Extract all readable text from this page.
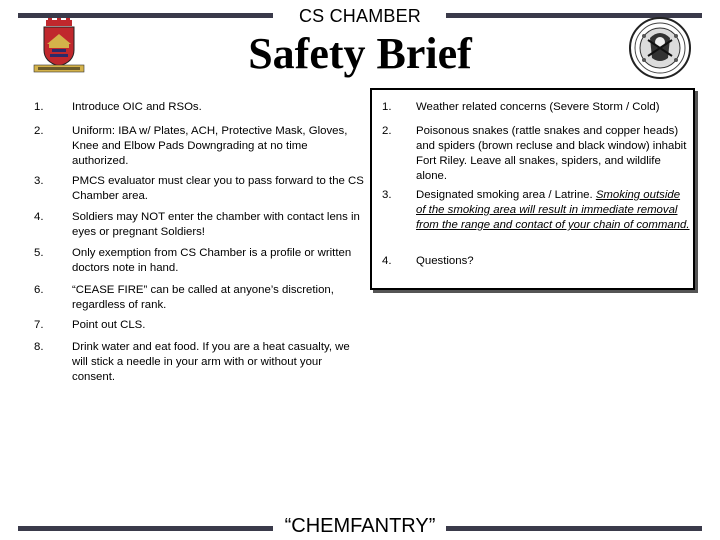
CS CHAMBER
Safety Brief
1.	Introduce OIC and RSOs.
2.	Uniform: IBA w/ Plates, ACH, Protective Mask, Gloves, Knee and Elbow Pads Downgrading at no time authorized.
3.	PMCS evaluator must clear you to pass forward to the CS Chamber area.
4.	Soldiers may NOT enter the chamber with contact lens in eyes or pregnant Soldiers!
5.	Only exemption from CS Chamber is a profile or written doctors note in hand.
6.	“CEASE FIRE” can be called at anyone’s discretion, regardless of rank.
7.	Point out CLS.
8.	Drink water and eat food. If you are a heat casualty, we will stick a needle in your arm with or without your consent.
1.	Weather related concerns (Severe Storm / Cold)
2.	Poisonous snakes (rattle snakes and copper heads) and spiders (brown recluse and black window) inhabit Fort Riley. Leave all snakes, spiders, and wildlife alone.
3.	Designated smoking area / Latrine. Smoking outside of the smoking area will result in immediate removal from the range and contact of your chain of command.
4.	Questions?
“CHEMFANTRY”
